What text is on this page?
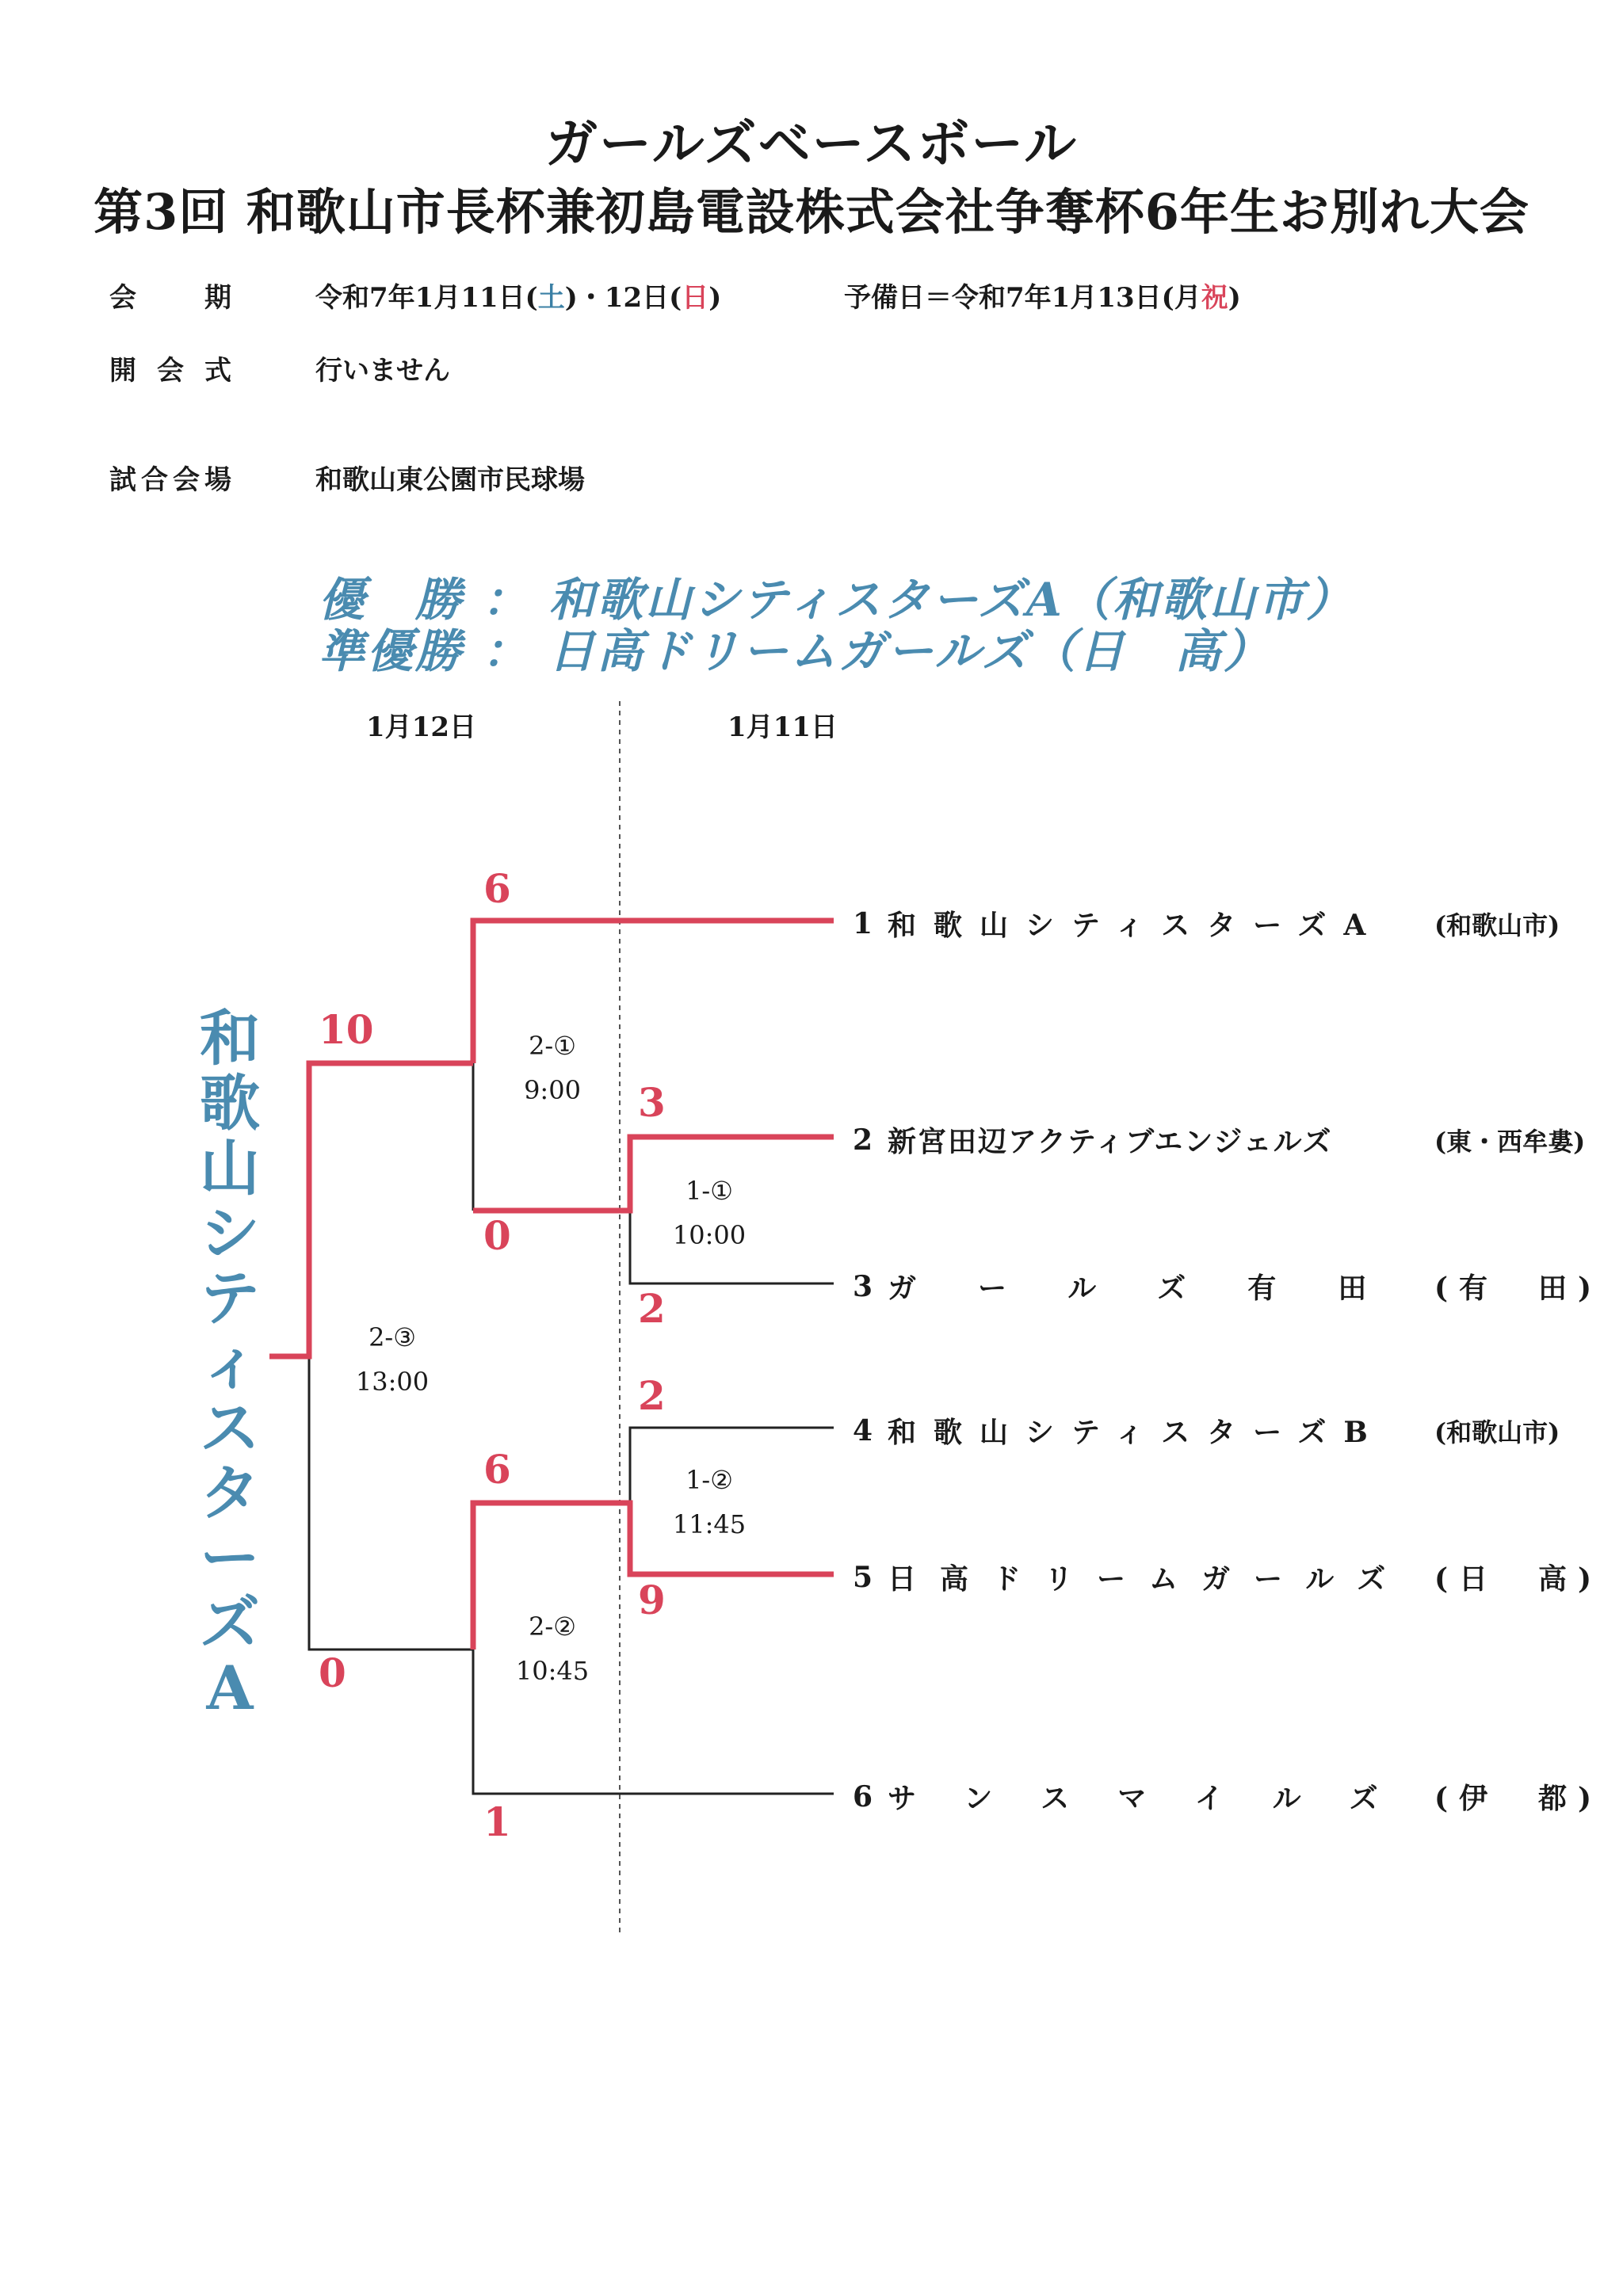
ガールズベースボール
第3回 和歌山市長杯兼初島電設株式会社争奪杯6年生お別れ大会
会　期 令和7年1月11日(土)・12日(日)	予備日＝令和7年1月13日(月祝)
開会式 行いません
試合会場	和歌山東公園市民球場
優　勝 ： 和歌山シティスターズA（和歌山市）
準優勝 ： 日高ドリームガールズ（日　高）
1月12日	1月11日
和
歌
山
シ
テ
ィ
ス
タ
ー
ズ
A
2-①
9:00
1-①
10:00
2-③
13:00
1-②
11:45
2-②
10:45
6
0
10
0
3
2
2
9
6
1
1 和歌山シティスターズA	(和歌山市)
2 新宮田辺アクティブエンジェルズ	(東・西牟婁)
3 ガールズ有田 (有　田)
4 和歌山シティスターズB	(和歌山市)
5 日高ドリームガールズ (日　高)
6 サンスマイルズ (伊　都)
